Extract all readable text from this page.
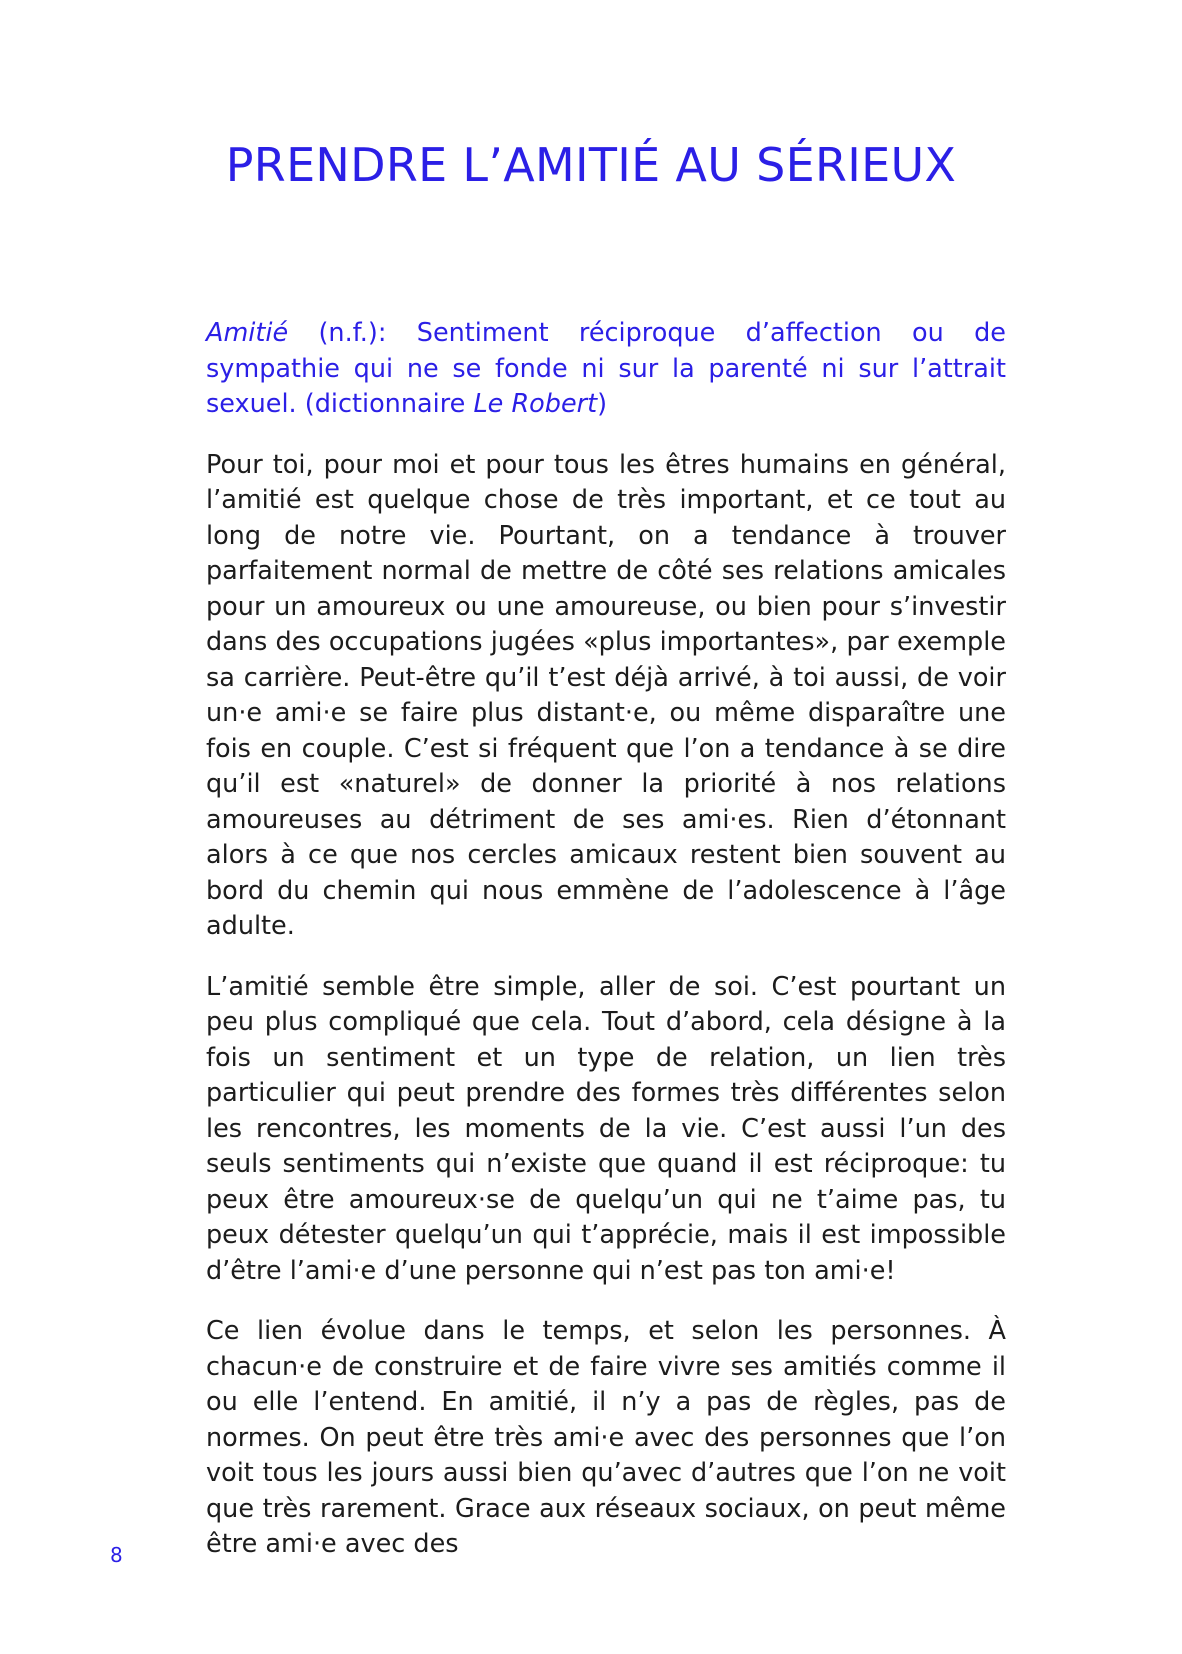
PRENDRE L’AMITIÉ AU SÉRIEUX

Amitié (n.f.): Sentiment réciproque d’affection ou de sympathie qui ne se fonde ni sur la parenté ni sur l’attrait sexuel. (dictionnaire Le Robert)

Pour toi, pour moi et pour tous les êtres humains en général, l’amitié est quelque chose de très important, et ce tout au long de notre vie. Pourtant, on a tendance à trouver parfaitement normal de mettre de côté ses relations amicales pour un amoureux ou une amoureuse, ou bien pour s’investir dans des occupations jugées «plus importantes», par exemple sa carrière. Peut-être qu’il t’est déjà arrivé, à toi aussi, de voir un·e ami·e se faire plus distant·e, ou même disparaître une fois en couple. C’est si fréquent que l’on a tendance à se dire qu’il est «naturel» de donner la priorité à nos relations amoureuses au détriment de ses ami·es. Rien d’étonnant alors à ce que nos cercles amicaux restent bien souvent au bord du chemin qui nous emmène de l’adolescence à l’âge adulte.

L’amitié semble être simple, aller de soi. C’est pourtant un peu plus compliqué que cela. Tout d’abord, cela désigne à la fois un sentiment et un type de relation, un lien très particulier qui peut prendre des formes très différentes selon les rencontres, les moments de la vie. C’est aussi l’un des seuls sentiments qui n’existe que quand il est réciproque: tu peux être amoureux·se de quelqu’un qui ne t’aime pas, tu peux détester quelqu’un qui t’apprécie, mais il est impossible d’être l’ami·e d’une personne qui n’est pas ton ami·e!

Ce lien évolue dans le temps, et selon les personnes. À chacun·e de construire et de faire vivre ses amitiés comme il ou elle l’entend. En amitié, il n’y a pas de règles, pas de normes. On peut être très ami·e avec des personnes que l’on voit tous les jours aussi bien qu’avec d’autres que l’on ne voit que très rarement. Grace aux réseaux sociaux, on peut même être ami·e avec des

8
